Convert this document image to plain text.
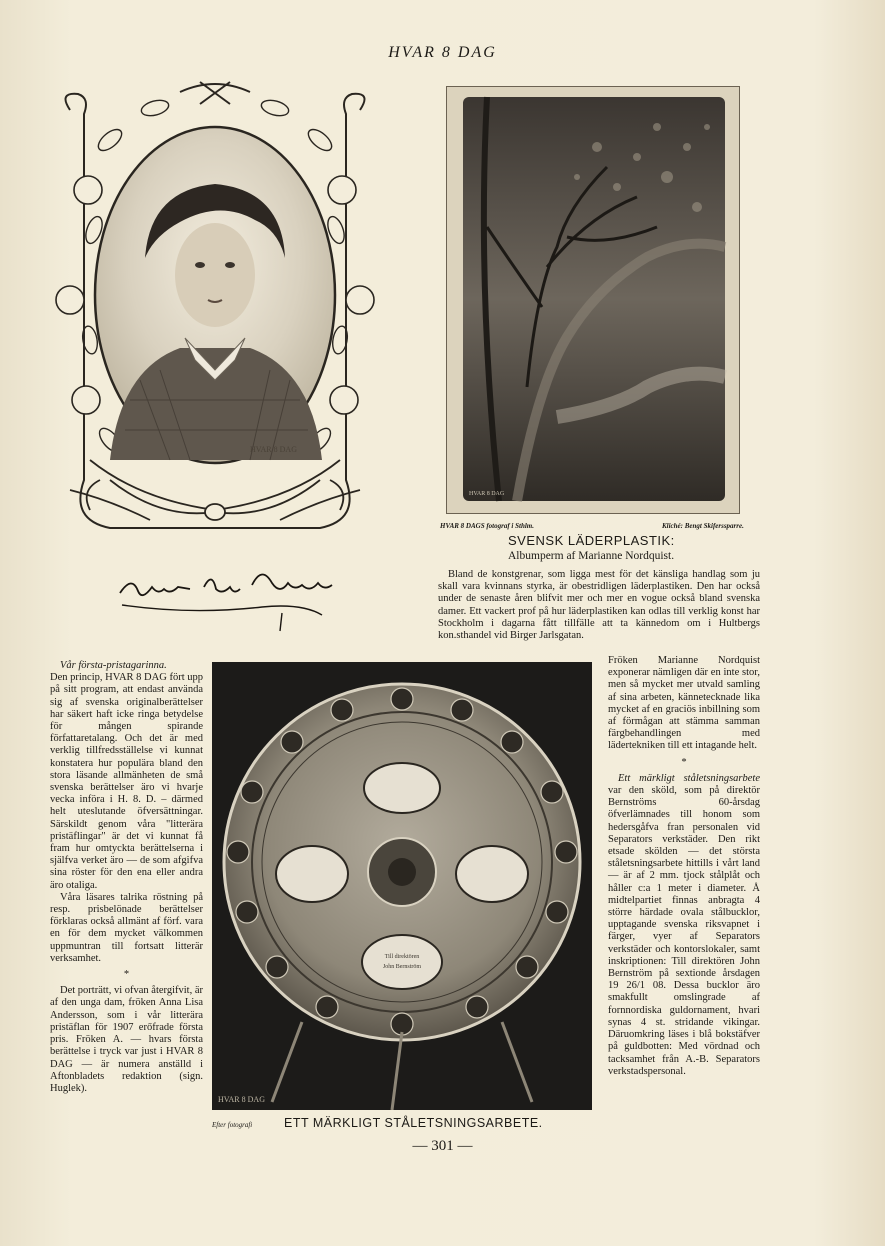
HVAR 8 DAG
HVAR 8 DAG
HVAR 8 DAG
HVAR 8 DAGS fotograf i Sthlm.	Kliché: Bengt Skiferssparre.
SVENSK LÄDERPLASTIK:
Albumperm af Marianne Nordquist.

Bland de konstgrenar, som ligga mest för det känsliga handlag som ju skall vara kvinnans styrka, är obestridligen läderplastiken. Den har också under de senaste åren blifvit mer och mer en vogue också bland svenska damer. Ett vackert prof på hur läderplastiken kan odlas till verklig konst har Stockholm i dagarna fått tillfälle att ta kännedom om i Hultbergs kon.sthandel vid Birger Jarlsgatan.

Fröken Marianne Nordquist exponerar nämligen där en inte stor, men så mycket mer utvald samling af sina arbeten, kännetecknade lika mycket af en graciös inbillning som af förmågan att stämma samman färgbehandlingen med lädertekniken till ett intagande helt.

*

Ett märkligt ståletsningsarbete var den sköld, som på direktör Bernströms 60-årsdag öfverlämnades till honom som hedersgåfva fran personalen vid Separators verkstäder. Den rikt etsade skölden — det största ståletsningsarbete hittills i vårt land — är af 2 mm. tjock stålplåt och håller c:a 1 meter i diameter. Å midtelpartiet finnas anbragta 4 större härdade ovala stålbucklor, upptagande svenska riksvapnet i färger, vyer af Separators verkstäder och kontorslokaler, samt inskriptionen: Till direktören John Bernström på sextionde årsdagen 19 26/1 08. Dessa bucklor äro smakfullt omslingrade af fornnordiska guldornament, hvari synas 4 st. stridande vikingar. Däruomkring läses i blå bokstäfver på guldbotten: Med vördnad och tacksamhet från A.-B. Separators verkstadspersonal.

Vår första-pristagarinna.

Den princip, HVAR 8 DAG fört upp på sitt program, att endast använda sig af svenska originalberättelser har säkert haft icke ringa betydelse för mången spirande författaretalang. Och det är med verklig tillfredsställelse vi kunnat konstatera hur populära bland den stora läsande allmänheten de små svenska berättelser äro vi hvarje vecka införa i H. 8. D. – därmed helt uteslutande öfversättningar. Särskildt genom våra "litterära pristäflingar" är det vi kunnat få fram hur omtyckta berättelserna i själfva verket äro — de som afgifva sina röster för den ena eller andra äro otaliga.

Våra läsares talrika röstning på resp. prisbelönade berättelser förklaras också allmänt af förf. vara en för dem mycket välkommen uppmuntran till fortsatt litterär verksamhet.

*

Det porträtt, vi ofvan återgifvit, är af den unga dam, fröken Anna Lisa Andersson, som i vår litterära pristäflan för 1907 erőfrade första pris. Fröken A. — hvars första berättelse i tryck var just i HVAR 8 DAG — är numera anställd i Aftonbladets redaktion (sign. Huglek).

Till direktören
John Bernström
HVAR 8 DAG
Efter fotografi	ETT MÄRKLIGT STÅLETSNINGSARBETE.
— 301 —
